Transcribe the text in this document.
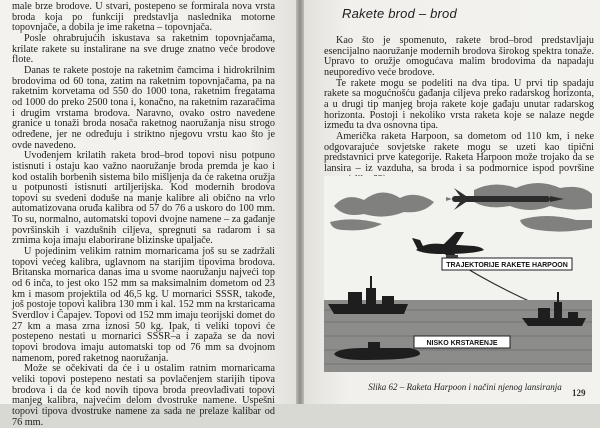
male brze brodove. U stvari, postepeno se formirala nova vrsta broda koja po funkciji predstavlja naslednika motorne topovnjače, a dobila je ime raketna – topovnjača.

Posle ohrabrujućih iskustava sa raketnim topovnjačama, krilate rakete su instalirane na sve druge znatno veće brodove flote.

Danas te rakete postoje na raketnim čamcima i hidrokrilnim brodovima od 60 tona, zatim na raketnim topovnjačama, pa na raketnim korvetama od 550 do 1000 tona, raketnim fregatama od 1000 do preko 2500 tona i, konačno, na raketnim razaračima i drugim vrstama brodova. Naravno, ovako ostro navedene granice u tonaži broda nosača raketnog naoružanja nisu strogo određene, jer ne određuju i striktno njegovu vrstu kao što je ovde navedeno.

Uvođenjem krilatih raketa brod–brod topovi nisu potpuno istisnuti i ostaju kao važno naoružanje broda premda je kao i kod ostalih borbenih sistema bilo mišljenja da će raketna oružja u potpunosti istisnuti artiljerijska. Kod modernih brodova topovi su svedeni doduše na manje kalibre ali obično na vrlo automatizovana oruđa kalibra od 57 do 76 a uskoro do 100 mm. To su, normalno, automatski topovi dvojne namene – za gađanje površinskih i vazdušnih ciljeva, spregnuti sa radarom i sa zrnima koja imaju elaborirane blizinske upaljače.

U pojedinim velikim ratnim mornaricama još su se zadržali topovi većeg kalibra, uglavnom na starijim tipovima brodova. Britanska mornarica danas ima u svome naoružanju najveći top od 6 inča, to jest oko 152 mm sa maksimalnim dometom od 23 km i masom projektila od 46,5 kg. U mornarici SSSR, takođe, još postoje topovi kalibra 130 mm i kal. 152 mm na krstaricama Sverdlov i Čapajev. Topovi od 152 mm imaju teorijski domet do 27 km a masa zrna iznosi 50 kg. Ipak, ti veliki topovi će postepeno nestati u mornarici SSSR–a i zapaža se da novi topovi brodova imaju automatski top od 76 mm sa dvojnom namenom, poređ raketnog naoružanja.

Može se očekivati da će i u ostalim ratnim mornaricama veliki topovi postepeno nestati sa povlačenjem starijih tipova brodova i da će kod novih tipova broda preovlađivati topovi manjeg kalibra, najvećim delom dvostruke namene. Uspešni topovi tipova dvostruke namene za sada ne prelaze kalibar od 76 mm.

Rakete brod – brod

Kao što je spomenuto, rakete brod–brod predstavljaju esencijalno naoružanje modernih brodova širokog spektra tonaže. Upravo to oružje omogućava malim brodovima da napadaju neuporedivo veće brodove.

Te rakete mogu se podeliti na dva tipa. U prvi tip spadaju rakete sa mogućnošću gađanja ciljeva preko radarskog horizonta, a u drugi tip manjeg broja rakete koje gađaju unutar radarskog horizonta. Postoji i nekoliko vrsta raketa koje se nalaze negde između ta dva osnovna tipa.

Američka raketa Harpoon, sa dometom od 110 km, i neke odgovarajuće sovjetske rakete mogu se uzeti kao tipični predstavnici prve kategorije. Raketa Harpoon može trojako da se lansira – iz vazduha, sa broda i sa podmornice ispod površine

TRAJEKTORIJE RAKETE HARPOON
NISKO KRSTARENJE

Slika 62 – Raketa Harpoon i načini njenog lansiranja

129
